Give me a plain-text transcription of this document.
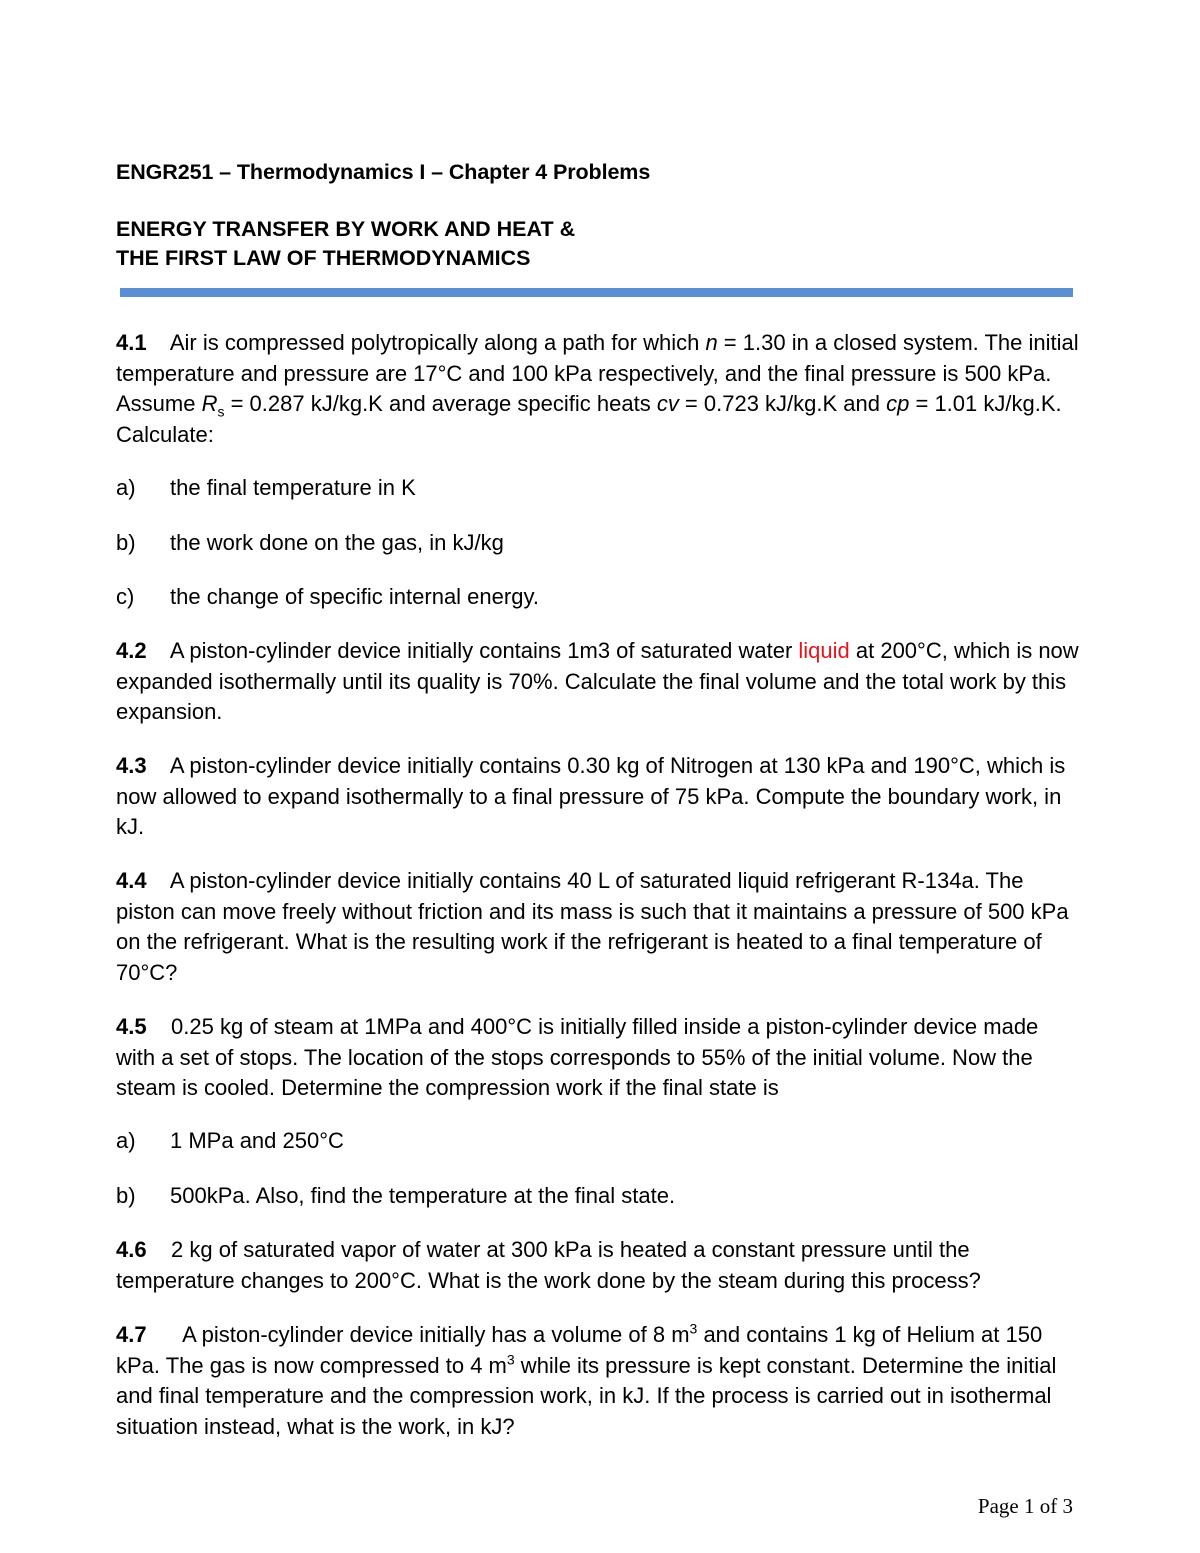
ENGR251 – Thermodynamics I – Chapter 4 Problems
ENERGY TRANSFER BY WORK AND HEAT &
THE FIRST LAW OF THERMODYNAMICS
4.1 Air is compressed polytropically along a path for which n = 1.30 in a closed system. The initial temperature and pressure are 17°C and 100 kPa respectively, and the final pressure is 500 kPa. Assume $R_s = 0.287$ kJ/kg.K and average specific heats cv = 0.723 kJ/kg.K and cp = 1.01 kJ/kg.K. Calculate:
a) the final temperature in K
b) the work done on the gas, in kJ/kg
c) the change of specific internal energy.
4.2 A piston-cylinder device initially contains 1m3 of saturated water liquid at 200°C, which is now expanded isothermally until its quality is 70%. Calculate the final volume and the total work by this expansion.
4.3 A piston-cylinder device initially contains 0.30 kg of Nitrogen at 130 kPa and 190°C, which is now allowed to expand isothermally to a final pressure of 75 kPa. Compute the boundary work, in kJ.
4.4 A piston-cylinder device initially contains 40 L of saturated liquid refrigerant R-134a. The piston can move freely without friction and its mass is such that it maintains a pressure of 500 kPa on the refrigerant. What is the resulting work if the refrigerant is heated to a final temperature of 70°C?
4.5 0.25 kg of steam at 1MPa and 400°C is initially filled inside a piston-cylinder device made with a set of stops. The location of the stops corresponds to 55% of the initial volume. Now the steam is cooled. Determine the compression work if the final state is
a) 1 MPa and 250°C
b) 500kPa. Also, find the temperature at the final state.
4.6 2 kg of saturated vapor of water at 300 kPa is heated a constant pressure until the temperature changes to 200°C. What is the work done by the steam during this process?
4.7 A piston-cylinder device initially has a volume of 8 $m^3$ and contains 1 kg of Helium at 150 kPa. The gas is now compressed to 4 $m^3$ while its pressure is kept constant. Determine the initial and final temperature and the compression work, in kJ. If the process is carried out in isothermal situation instead, what is the work, in kJ?
Page 1 of 3
